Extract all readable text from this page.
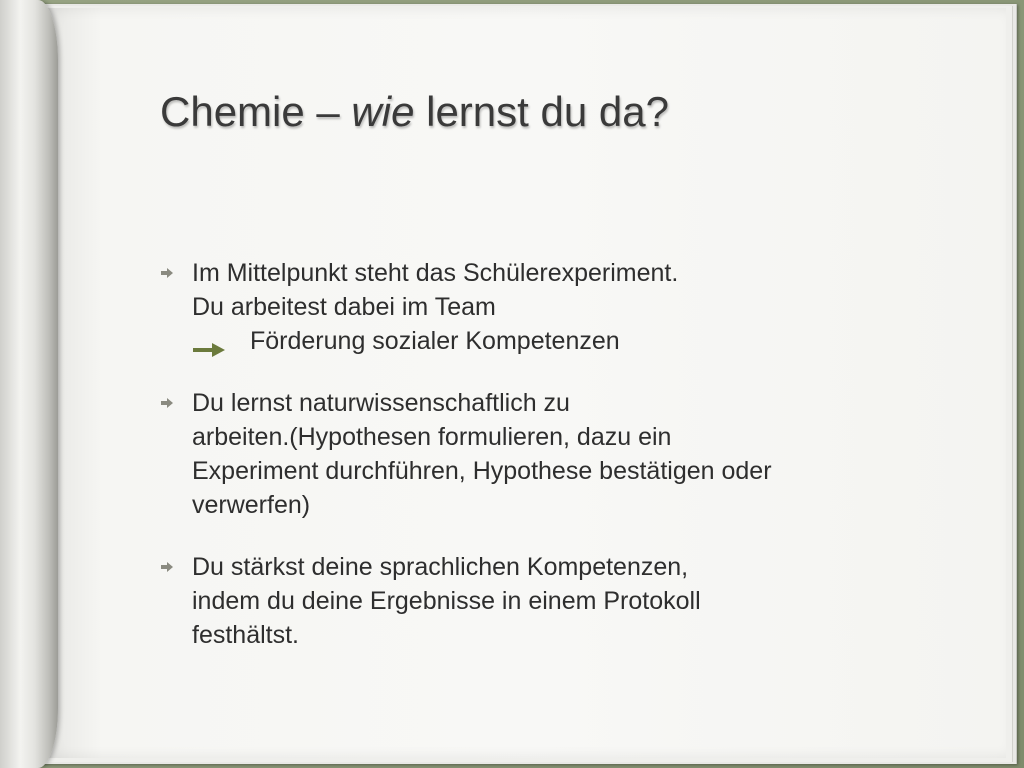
Chemie – wie lernst du da?
Im Mittelpunkt steht das Schülerexperiment.
Du arbeitest dabei im Team
Förderung sozialer Kompetenzen
Du lernst naturwissenschaftlich zu
arbeiten.(Hypothesen formulieren, dazu ein
Experiment durchführen, Hypothese bestätigen oder
verwerfen)
Du stärkst deine sprachlichen Kompetenzen,
indem du deine Ergebnisse in einem Protokoll
festhältst.
